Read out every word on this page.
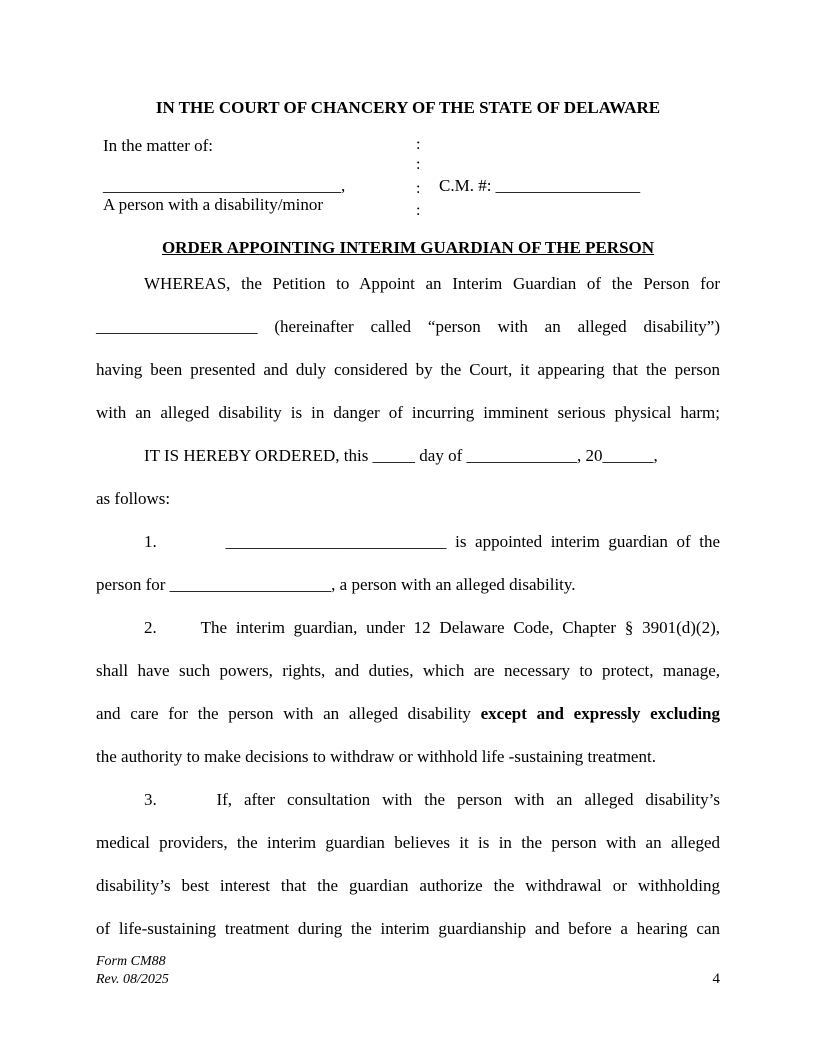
IN THE COURT OF CHANCERY OF THE STATE OF DELAWARE
In the matter of:
____________________________,
A person with a disability/minor
:
:
:
:
C.M. #: _________________
ORDER APPOINTING INTERIM GUARDIAN OF THE PERSON
WHEREAS, the Petition to Appoint an Interim Guardian of the Person for
___________________ (hereinafter called “person with an alleged disability”)
having been presented and duly considered by the Court, it appearing that the person
with an alleged disability is in danger of incurring imminent serious physical harm;
IT IS HEREBY ORDERED, this _____ day of _____________, 20______,
as follows:
1.        __________________________ is appointed interim guardian of the
person for ___________________, a person with an alleged disability.
2.     The interim guardian, under 12 Delaware Code, Chapter § 3901(d)(2),
shall have such powers, rights, and duties, which are necessary to protect, manage,
and care for the person with an alleged disability except and expressly excluding
the authority to make decisions to withdraw or withhold life -sustaining treatment.
3.     If, after consultation with the person with an alleged disability’s
medical providers, the interim guardian believes it is in the person with an alleged
disability’s best interest that the guardian authorize the withdrawal or withholding
of life-sustaining treatment during the interim guardianship and before a hearing can
Form CM88
Rev. 08/2025	4
